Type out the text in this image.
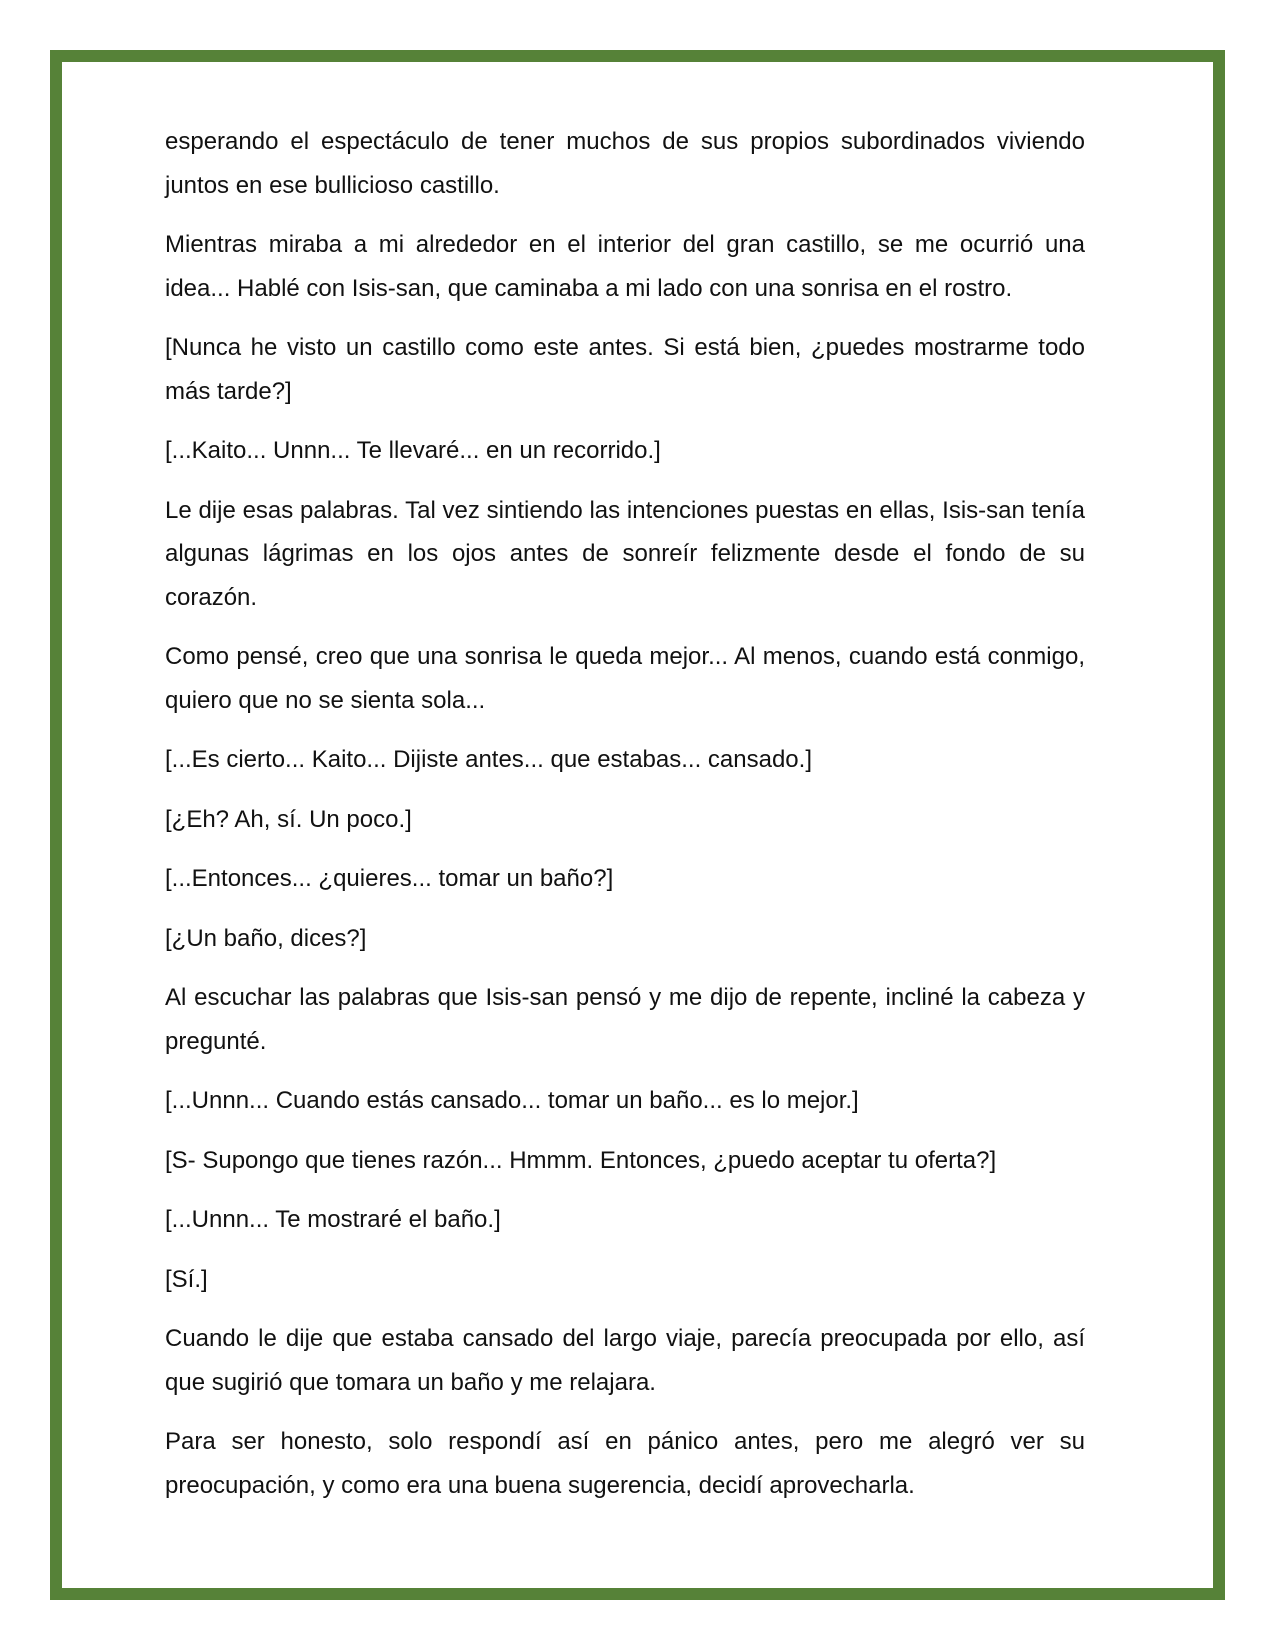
esperando el espectáculo de tener muchos de sus propios subordinados viviendo juntos en ese bullicioso castillo.

Mientras miraba a mi alrededor en el interior del gran castillo, se me ocurrió una idea... Hablé con Isis-san, que caminaba a mi lado con una sonrisa en el rostro.

[Nunca he visto un castillo como este antes. Si está bien, ¿puedes mostrarme todo más tarde?]

[...Kaito... Unnn... Te llevaré... en un recorrido.]

Le dije esas palabras. Tal vez sintiendo las intenciones puestas en ellas, Isis-san tenía algunas lágrimas en los ojos antes de sonreír felizmente desde el fondo de su corazón.

Como pensé, creo que una sonrisa le queda mejor... Al menos, cuando está conmigo, quiero que no se sienta sola...

[...Es cierto... Kaito... Dijiste antes... que estabas... cansado.]

[¿Eh? Ah, sí. Un poco.]

[...Entonces... ¿quieres... tomar un baño?]

[¿Un baño, dices?]

Al escuchar las palabras que Isis-san pensó y me dijo de repente, incliné la cabeza y pregunté.

[...Unnn... Cuando estás cansado... tomar un baño... es lo mejor.]

[S- Supongo que tienes razón... Hmmm. Entonces, ¿puedo aceptar tu oferta?]

[...Unnn... Te mostraré el baño.]

[Sí.]

Cuando le dije que estaba cansado del largo viaje, parecía preocupada por ello, así que sugirió que tomara un baño y me relajara.

Para ser honesto, solo respondí así en pánico antes, pero me alegró ver su preocupación, y como era una buena sugerencia, decidí aprovecharla.
